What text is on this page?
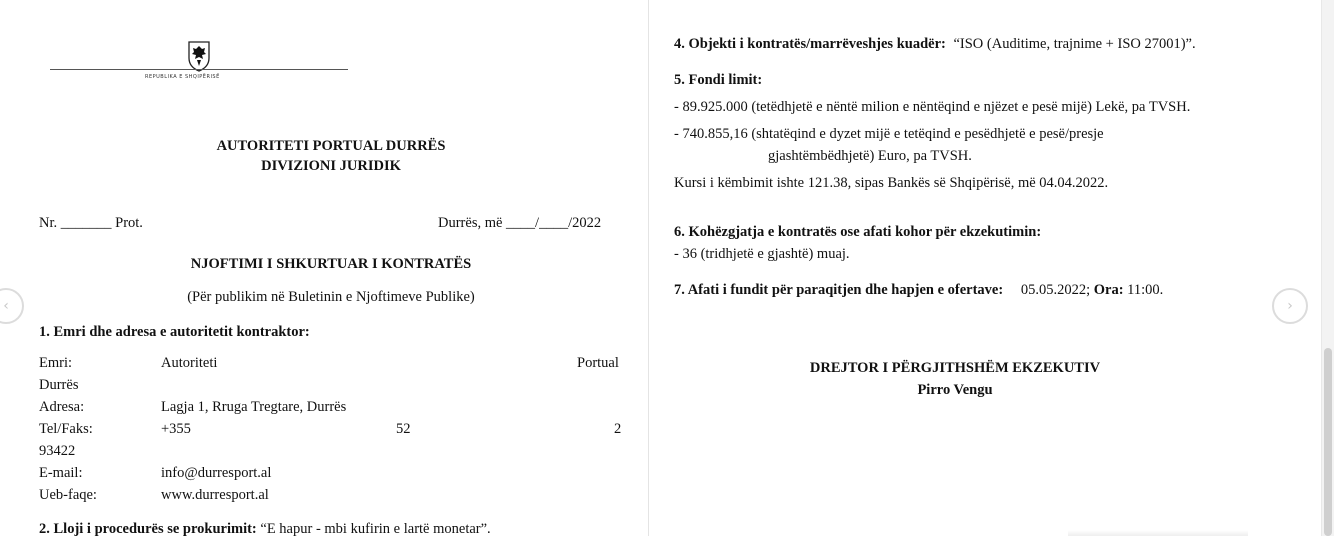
REPUBLIKA E SHQIPËRISË
AUTORITETI PORTUAL DURRËS
DIVIZIONI JURIDIK
Nr. _______ Prot.	Durrës, më ____/____/2022
NJOFTIMI I SHKURTUAR I KONTRATËS
(Për publikim në Buletinin e Njoftimeve Publike)
1. Emri dhe adresa e autoritetit kontraktor:
Emri:	Autoriteti	Portual
Durrës
Adresa:	Lagja 1, Rruga Tregtare, Durrës
Tel/Faks:	+355	52	2
93422
E-mail:	info@durresport.al
Ueb-faqe:	www.durresport.al
2. Lloji i procedurës se prokurimit: “E hapur - mbi kufirin e lartë monetar”.
4. Objekti i kontratës/marrëveshjes kuadër: “ISO (Auditime, trajnime + ISO 27001)”.
5. Fondi limit:
- 89.925.000 (tetëdhjetë e nëntë milion e nëntëqind e njëzet e pesë mijë) Lekë, pa TVSH.
- 740.855,16 (shtatëqind e dyzet mijë e tetëqind e pesëdhjetë e pesë/presje
gjashtëmbëdhjetë) Euro, pa TVSH.
Kursi i këmbimit ishte 121.38, sipas Bankës së Shqipërisë, më 04.04.2022.
6. Kohëzgjatja e kontratës ose afati kohor për ekzekutimin:
- 36 (tridhjetë e gjashtë) muaj.
7. Afati i fundit për paraqitjen dhe hapjen e ofertave: 05.05.2022; Ora: 11:00.
DREJTOR I PËRGJITHSHËM EKZEKUTIV
Pirro Vengu
‹	›
